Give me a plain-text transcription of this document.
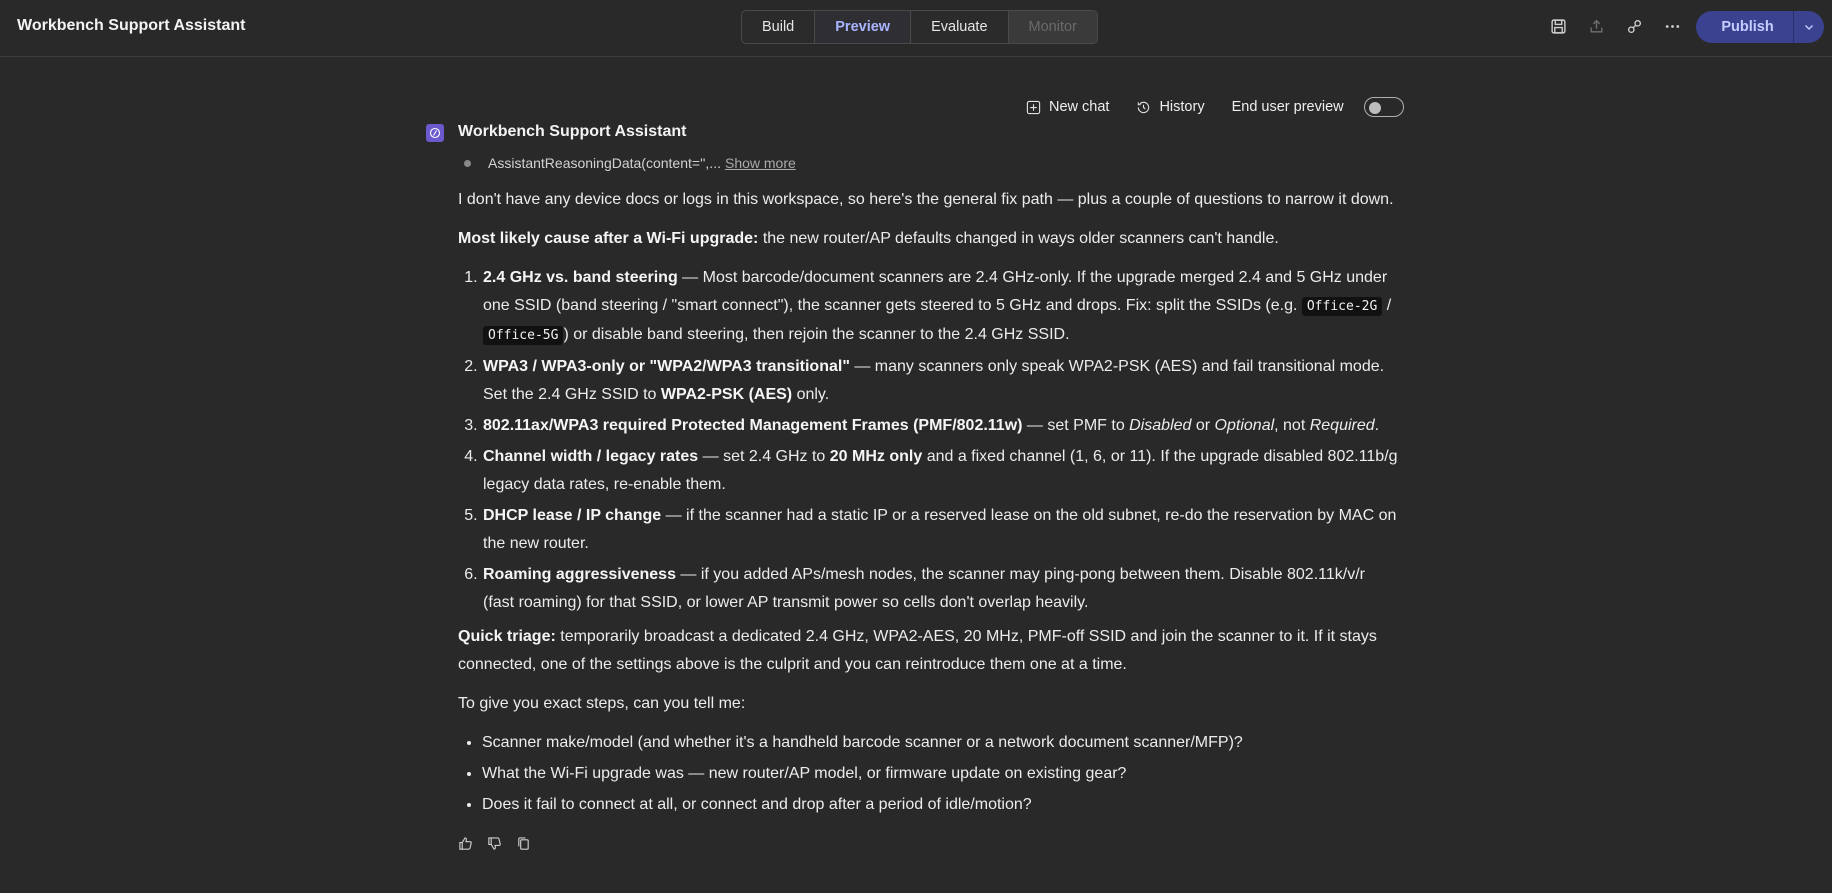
Workbench Support Assistant	Build	Preview	Evaluate	Monitor	Publish
New chat	History End user preview
Workbench Support Assistant
AssistantReasoningData(content='',... Show more

I don't have any device docs or logs in this workspace, so here's the general fix path — plus a couple of questions to narrow it down.

Most likely cause after a Wi-Fi upgrade: the new router/AP defaults changed in ways older scanners can't handle.

1. 2.4 GHz vs. band steering — Most barcode/document scanners are 2.4 GHz-only. If the upgrade merged 2.4 and 5 GHz under one SSID (band steering / "smart connect"), the scanner gets steered to 5 GHz and drops. Fix: split the SSIDs (e.g. Office-2G / Office-5G ) or disable band steering, then rejoin the scanner to the 2.4 GHz SSID.
2. WPA3 / WPA3-only or "WPA2/WPA3 transitional" — many scanners only speak WPA2-PSK (AES) and fail transitional mode. Set the 2.4 GHz SSID to WPA2-PSK (AES) only.
3. 802.11ax/WPA3 required Protected Management Frames (PMF/802.11w) — set PMF to Disabled or Optional, not Required.
4. Channel width / legacy rates — set 2.4 GHz to 20 MHz only and a fixed channel (1, 6, or 11). If the upgrade disabled 802.11b/g legacy data rates, re-enable them.
5. DHCP lease / IP change — if the scanner had a static IP or a reserved lease on the old subnet, re-do the reservation by MAC on the new router.
6. Roaming aggressiveness — if you added APs/mesh nodes, the scanner may ping-pong between them. Disable 802.11k/v/r (fast roaming) for that SSID, or lower AP transmit power so cells don't overlap heavily.

Quick triage: temporarily broadcast a dedicated 2.4 GHz, WPA2-AES, 20 MHz, PMF-off SSID and join the scanner to it. If it stays connected, one of the settings above is the culprit and you can reintroduce them one at a time.

To give you exact steps, can you tell me:

• Scanner make/model (and whether it's a handheld barcode scanner or a network document scanner/MFP)?
• What the Wi-Fi upgrade was — new router/AP model, or firmware update on existing gear?
• Does it fail to connect at all, or connect and drop after a period of idle/motion?
